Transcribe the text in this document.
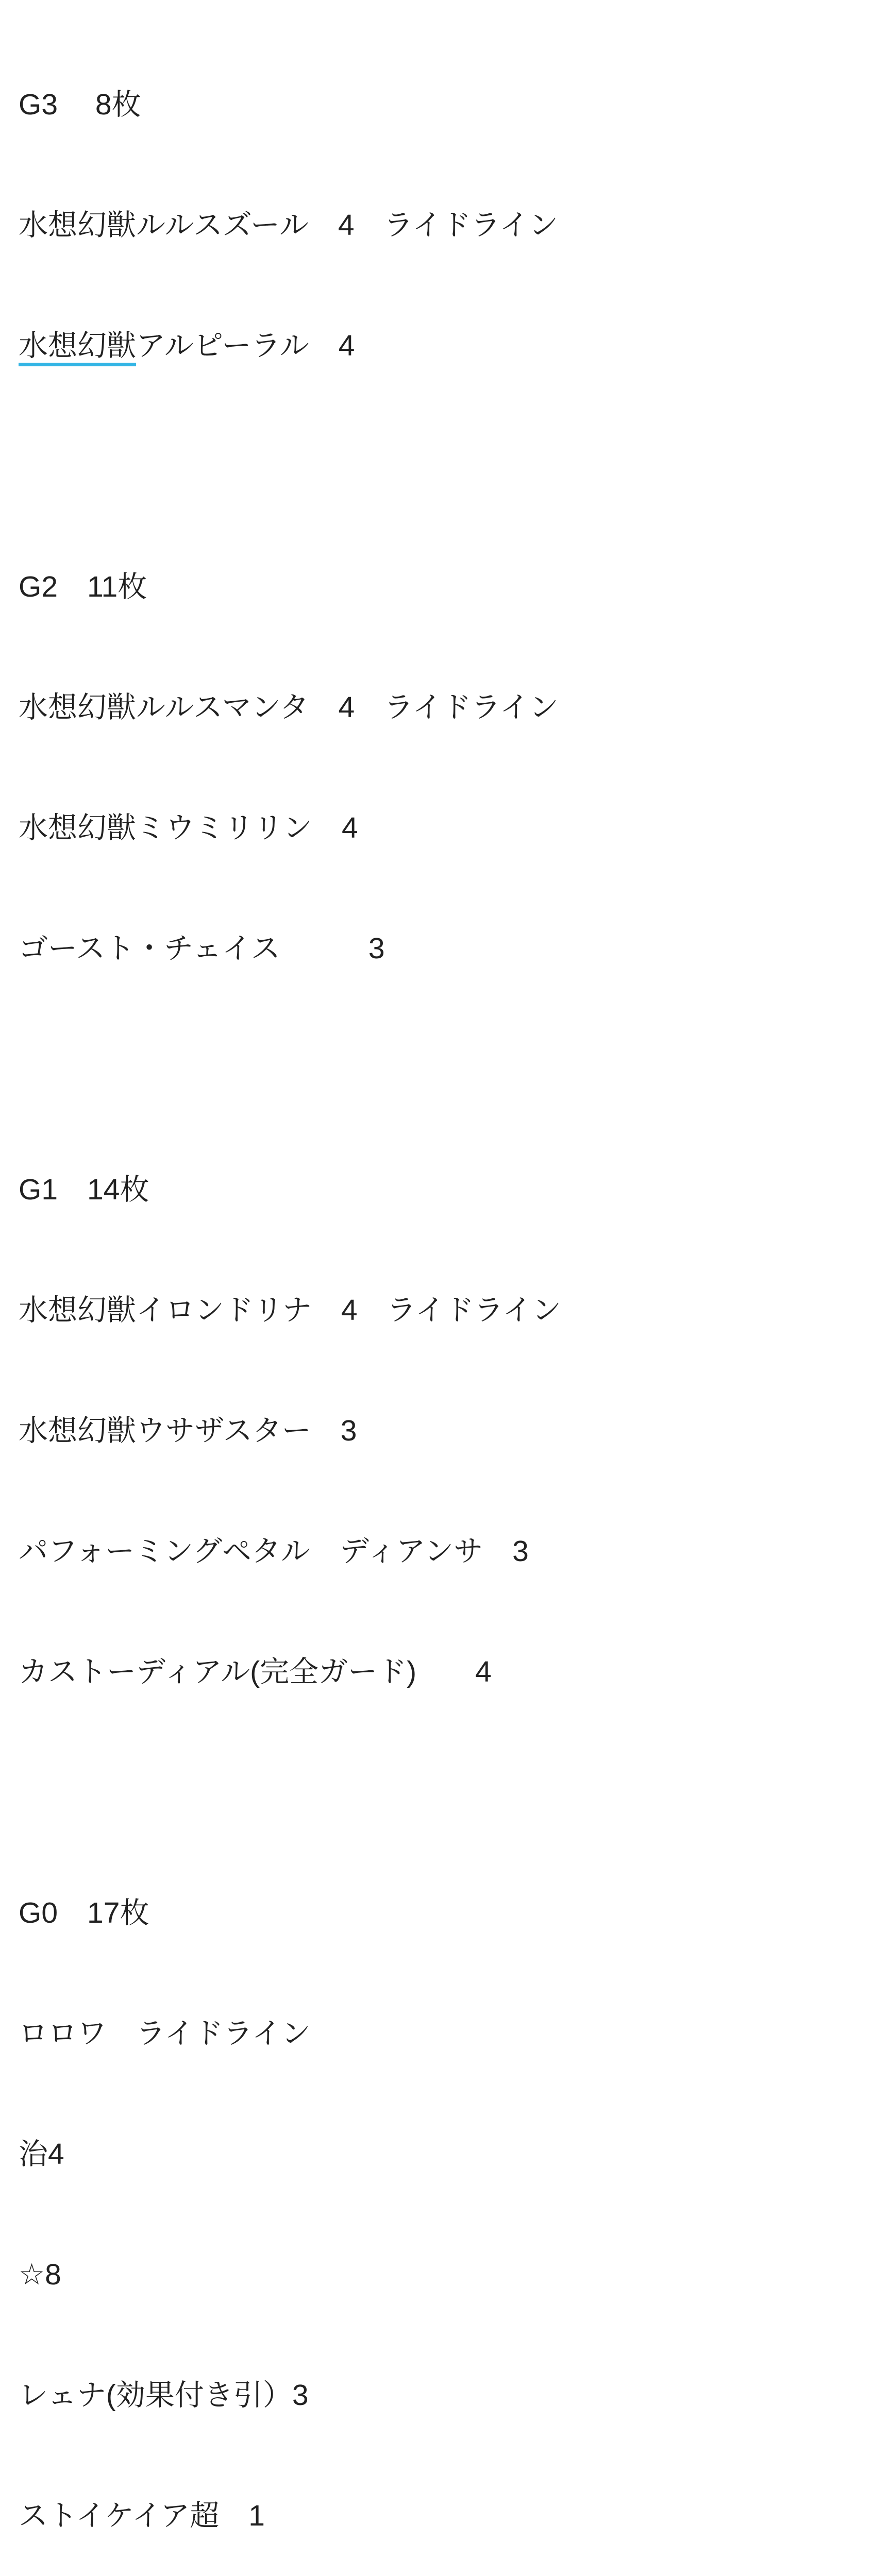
G3　 8枚

水想幻獣ルルスズール　4　ライドライン

水想幻獣アルピーラル　4

G2　11枚

水想幻獣ルルスマンタ　4　ライドライン

水想幻獣ミウミリリン　4

ゴースト・チェイス　　　3

G1　14枚

水想幻獣イロンドリナ　4　ライドライン

水想幻獣ウサザスター　3

パフォーミングペタル　ディアンサ　3

カストーディアル(完全ガード)　　4

G0　17枚

ロロワ　ライドライン

治4

☆8

レェナ(効果付き引）3

ストイケイア超　1
